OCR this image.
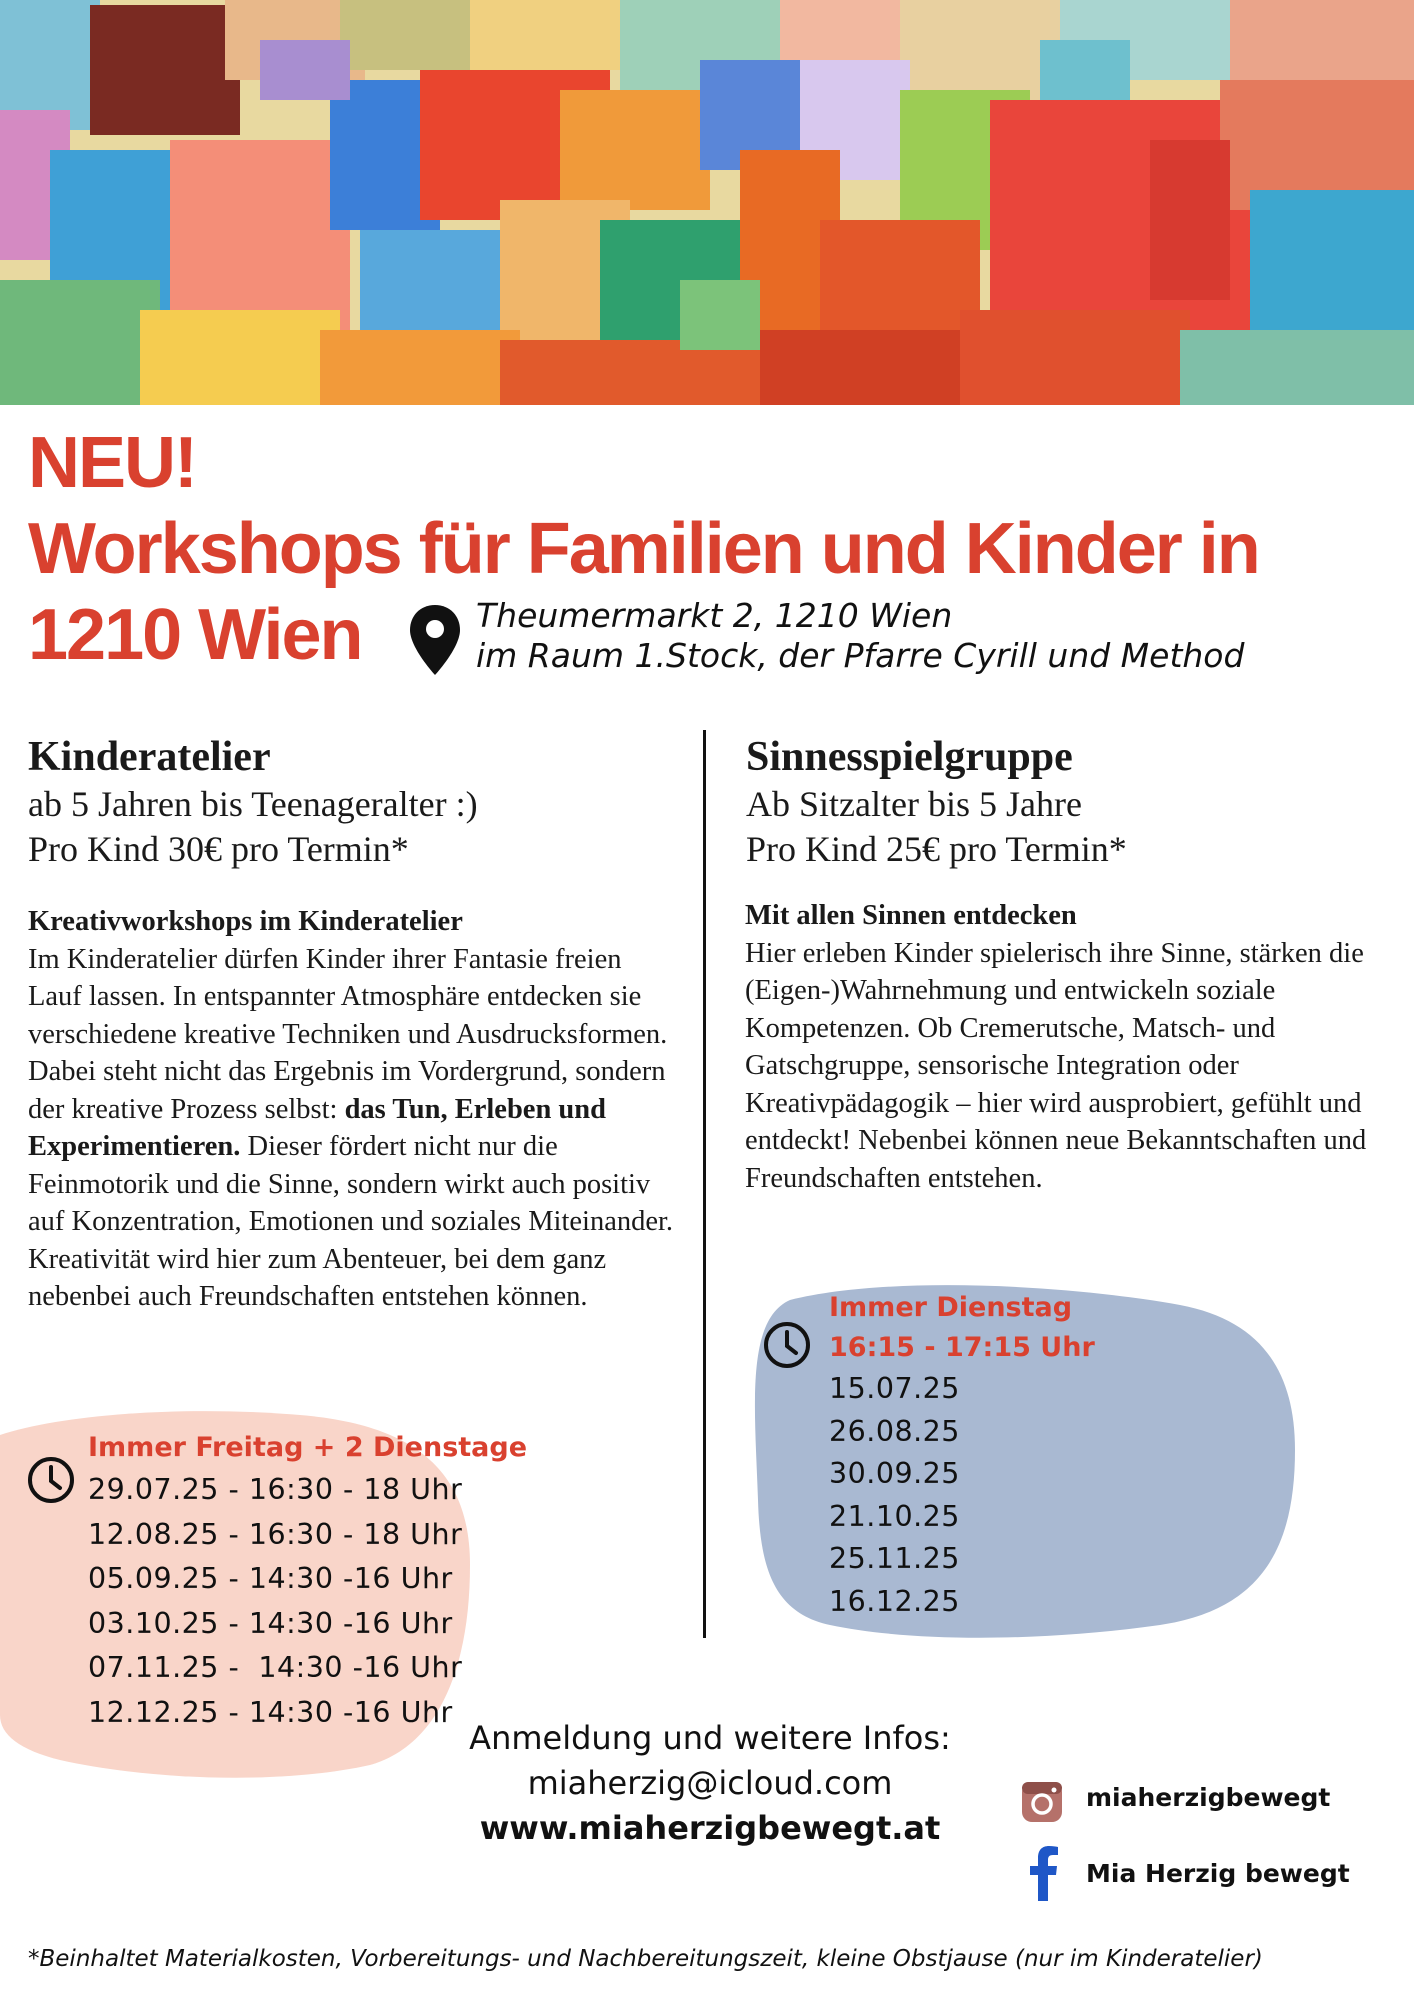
NEU!
Workshops für Familien und Kinder in
1210 Wien	Theumermarkt 2, 1210 Wien
im Raum 1.Stock, der Pfarre Cyrill und Method
Kinderatelier
ab 5 Jahren bis Teenageralter :)
Pro Kind 30€ pro Termin*
Kreativworkshops im Kinderatelier
Im Kinderatelier dürfen Kinder ihrer Fantasie freien Lauf lassen. In entspannter Atmosphäre entdecken sie verschiedene kreative Techniken und Ausdrucksformen. Dabei steht nicht das Ergebnis im Vordergrund, sondern der kreative Prozess selbst: das Tun, Erleben und Experimentieren. Dieser fördert nicht nur die Feinmotorik und die Sinne, sondern wirkt auch positiv auf Konzentration, Emotionen und soziales Miteinander. Kreativität wird hier zum Abenteuer, bei dem ganz nebenbei auch Freundschaften entstehen können.
Immer Freitag + 2 Dienstage
29.07.25 - 16:30 - 18 Uhr
12.08.25 - 16:30 - 18 Uhr
05.09.25 - 14:30 -16 Uhr
03.10.25 - 14:30 -16 Uhr
07.11.25 -  14:30 -16 Uhr
12.12.25 - 14:30 -16 Uhr
Sinnesspielgruppe
Ab Sitzalter bis 5 Jahre
Pro Kind 25€ pro Termin*
Mit allen Sinnen entdecken
Hier erleben Kinder spielerisch ihre Sinne, stärken die (Eigen-)Wahrnehmung und entwickeln soziale Kompetenzen. Ob Cremerutsche, Matsch- und Gatschgruppe, sensorische Integration oder Kreativpädagogik – hier wird ausprobiert, gefühlt und entdeckt! Nebenbei können neue Bekanntschaften und Freundschaften entstehen.
Immer Dienstag
16:15 - 17:15 Uhr
15.07.25
26.08.25
30.09.25
21.10.25
25.11.25
16.12.25
Anmeldung und weitere Infos:
miaherzig@icloud.com
www.miaherzigbewegt.at
miaherzigbewegt
Mia Herzig bewegt
*Beinhaltet Materialkosten, Vorbereitungs- und Nachbereitungszeit, kleine Obstjause (nur im Kinderatelier)
